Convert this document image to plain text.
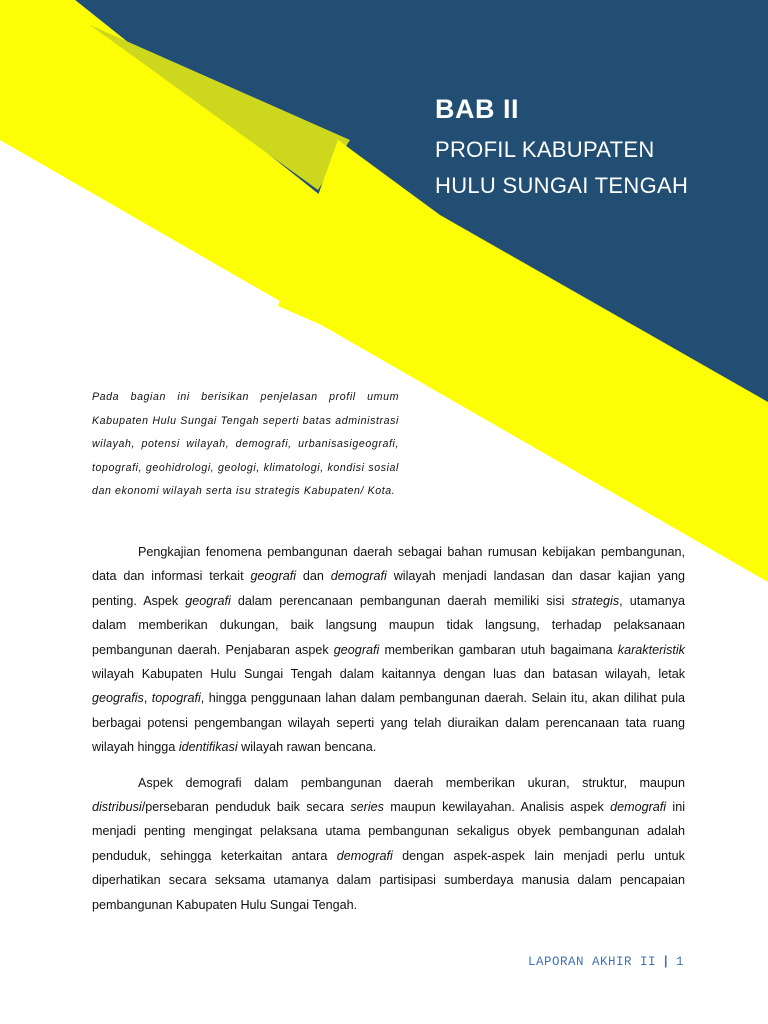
BAB II

PROFIL KABUPATEN

HULU SUNGAI TENGAH

Pada bagian ini berisikan penjelasan profil umum Kabupaten Hulu Sungai Tengah seperti batas administrasi wilayah, potensi wilayah, demografi, urbanisasigeografi, topografi, geohidrologi, geologi, klimatologi, kondisi sosial dan ekonomi wilayah serta isu strategis Kabupaten/ Kota.

Pengkajian fenomena pembangunan daerah sebagai bahan rumusan kebijakan pembangunan, data dan informasi terkait geografi dan demografi wilayah menjadi landasan dan dasar kajian yang penting. Aspek geografi dalam perencanaan pembangunan daerah memiliki sisi strategis, utamanya dalam memberikan dukungan, baik langsung maupun tidak langsung, terhadap pelaksanaan pembangunan daerah. Penjabaran aspek geografi memberikan gambaran utuh bagaimana karakteristik wilayah Kabupaten Hulu Sungai Tengah dalam kaitannya dengan luas dan batasan wilayah, letak geografis, topografi, hingga penggunaan lahan dalam pembangunan daerah. Selain itu, akan dilihat pula berbagai potensi pengembangan wilayah seperti yang telah diuraikan dalam perencanaan tata ruang wilayah hingga identifikasi wilayah rawan bencana.

Aspek demografi dalam pembangunan daerah memberikan ukuran, struktur, maupun distribusi/persebaran penduduk baik secara series maupun kewilayahan. Analisis aspek demografi ini menjadi penting mengingat pelaksana utama pembangunan sekaligus obyek pembangunan adalah penduduk, sehingga keterkaitan antara demografi dengan aspek-aspek lain menjadi perlu untuk diperhatikan secara seksama utamanya dalam partisipasi sumberdaya manusia dalam pencapaian pembangunan Kabupaten Hulu Sungai Tengah.

LAPORAN AKHIR II | 1
